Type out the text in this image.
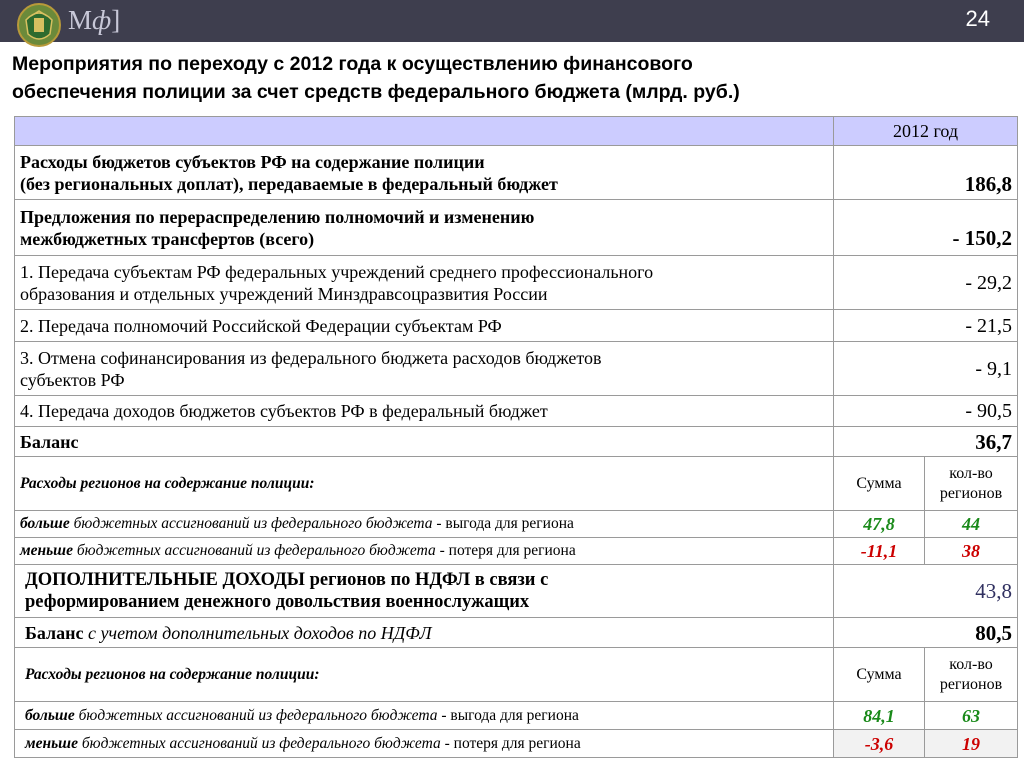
Мф]	24
Мероприятия по переходу с 2012 года к осуществлению финансового
обеспечения полиции за счет средств федерального бюджета (млрд. руб.)
	2012 год	

Расходы бюджетов субъектов РФ на содержание полиции
(без региональных доплат), передаваемые в федеральный бюджет	186,8	

Предложения по перераспределению полномочий и изменению
межбюджетных трансфертов (всего)	- 150,2	

1. Передача субъектам РФ федеральных учреждений среднего профессионального
образования и отдельных учреждений Минздравсоцразвития России	- 29,2	
2. Передача полномочий Российской Федерации субъектам РФ	- 21,5	

3. Отмена софинансирования из федерального бюджета расходов бюджетов
субъектов РФ	- 9,1	
4. Передача доходов бюджетов субъектов РФ в федеральный бюджет	- 90,5	
Баланс	36,7	
Расходы регионов на содержание полиции:	Сумма	кол-во
регионов

больше бюджетных ассигнований из федерального бюджета - выгода для региона	47,8	44
меньше бюджетных ассигнований из федерального бюджета - потеря для региона	-11,1	38

ДОПОЛНИТЕЛЬНЫЕ ДОХОДЫ регионов по НДФЛ в связи с
реформированием денежного довольствия военнослужащих	43,8	
Баланс с учетом дополнительных доходов по НДФЛ	80,5	
Расходы регионов на содержание полиции:	Сумма	кол-во
регионов

больше бюджетных ассигнований из федерального бюджета - выгода для региона	84,1	63
меньше бюджетных ассигнований из федерального бюджета - потеря для региона	-3,6	19
